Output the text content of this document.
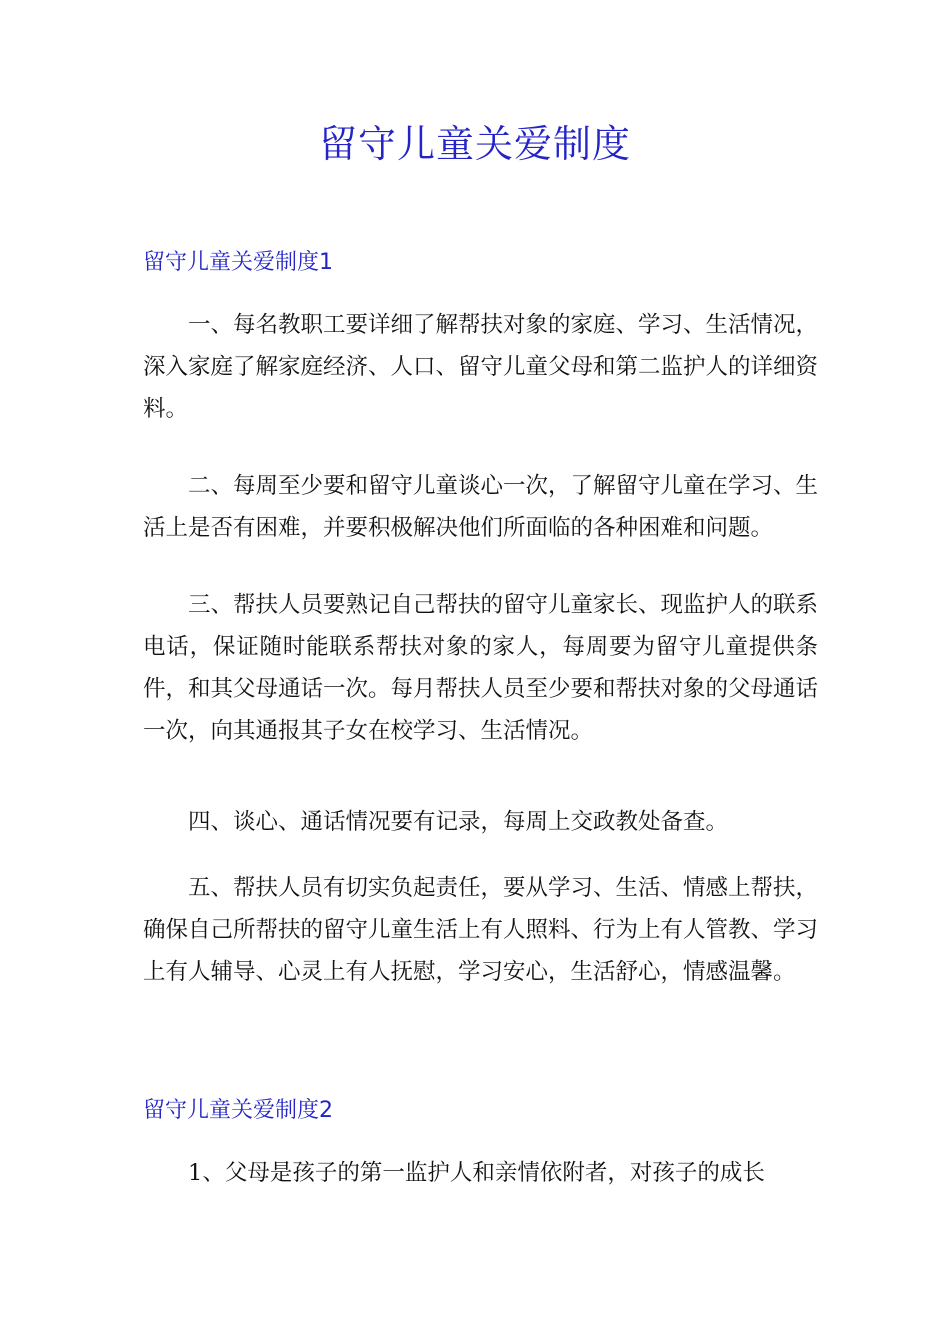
留守儿童关爱制度
留守儿童关爱制度1

一、每名教职工要详细了解帮扶对象的家庭、学习、生活情况，深入家庭了解家庭经济、人口、留守儿童父母和第二监护人的详细资料。

二、每周至少要和留守儿童谈心一次，了解留守儿童在学习、生活上是否有困难，并要积极解决他们所面临的各种困难和问题。

三、帮扶人员要熟记自己帮扶的留守儿童家长、现监护人的联系电话，保证随时能联系帮扶对象的家人，每周要为留守儿童提供条件，和其父母通话一次。每月帮扶人员至少要和帮扶对象的父母通话一次，向其通报其子女在校学习、生活情况。

四、谈心、通话情况要有记录，每周上交政教处备查。

五、帮扶人员有切实负起责任，要从学习、生活、情感上帮扶，确保自己所帮扶的留守儿童生活上有人照料、行为上有人管教、学习上有人辅导、心灵上有人抚慰，学习安心，生活舒心，情感温馨。

留守儿童关爱制度2

1、父母是孩子的第一监护人和亲情依附者，对孩子的成长
